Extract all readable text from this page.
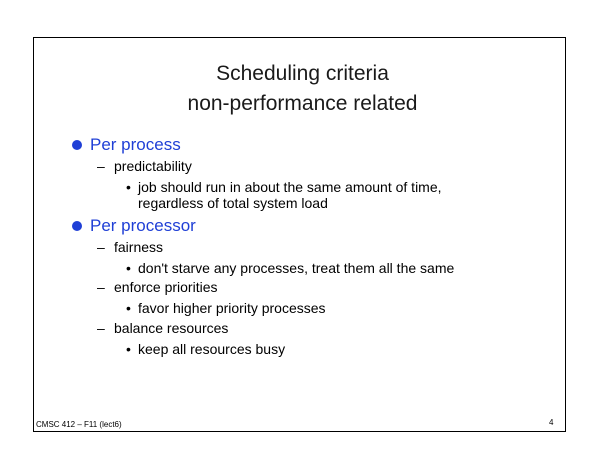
Scheduling criteria
non-performance related
Per process
– predictability
• job should run in about the same amount of time,
regardless of total system load
Per processor
– fairness
• don't starve any processes, treat them all the same
– enforce priorities
• favor higher priority processes
– balance resources
• keep all resources busy
CMSC 412 – F11 (lect6)	4
